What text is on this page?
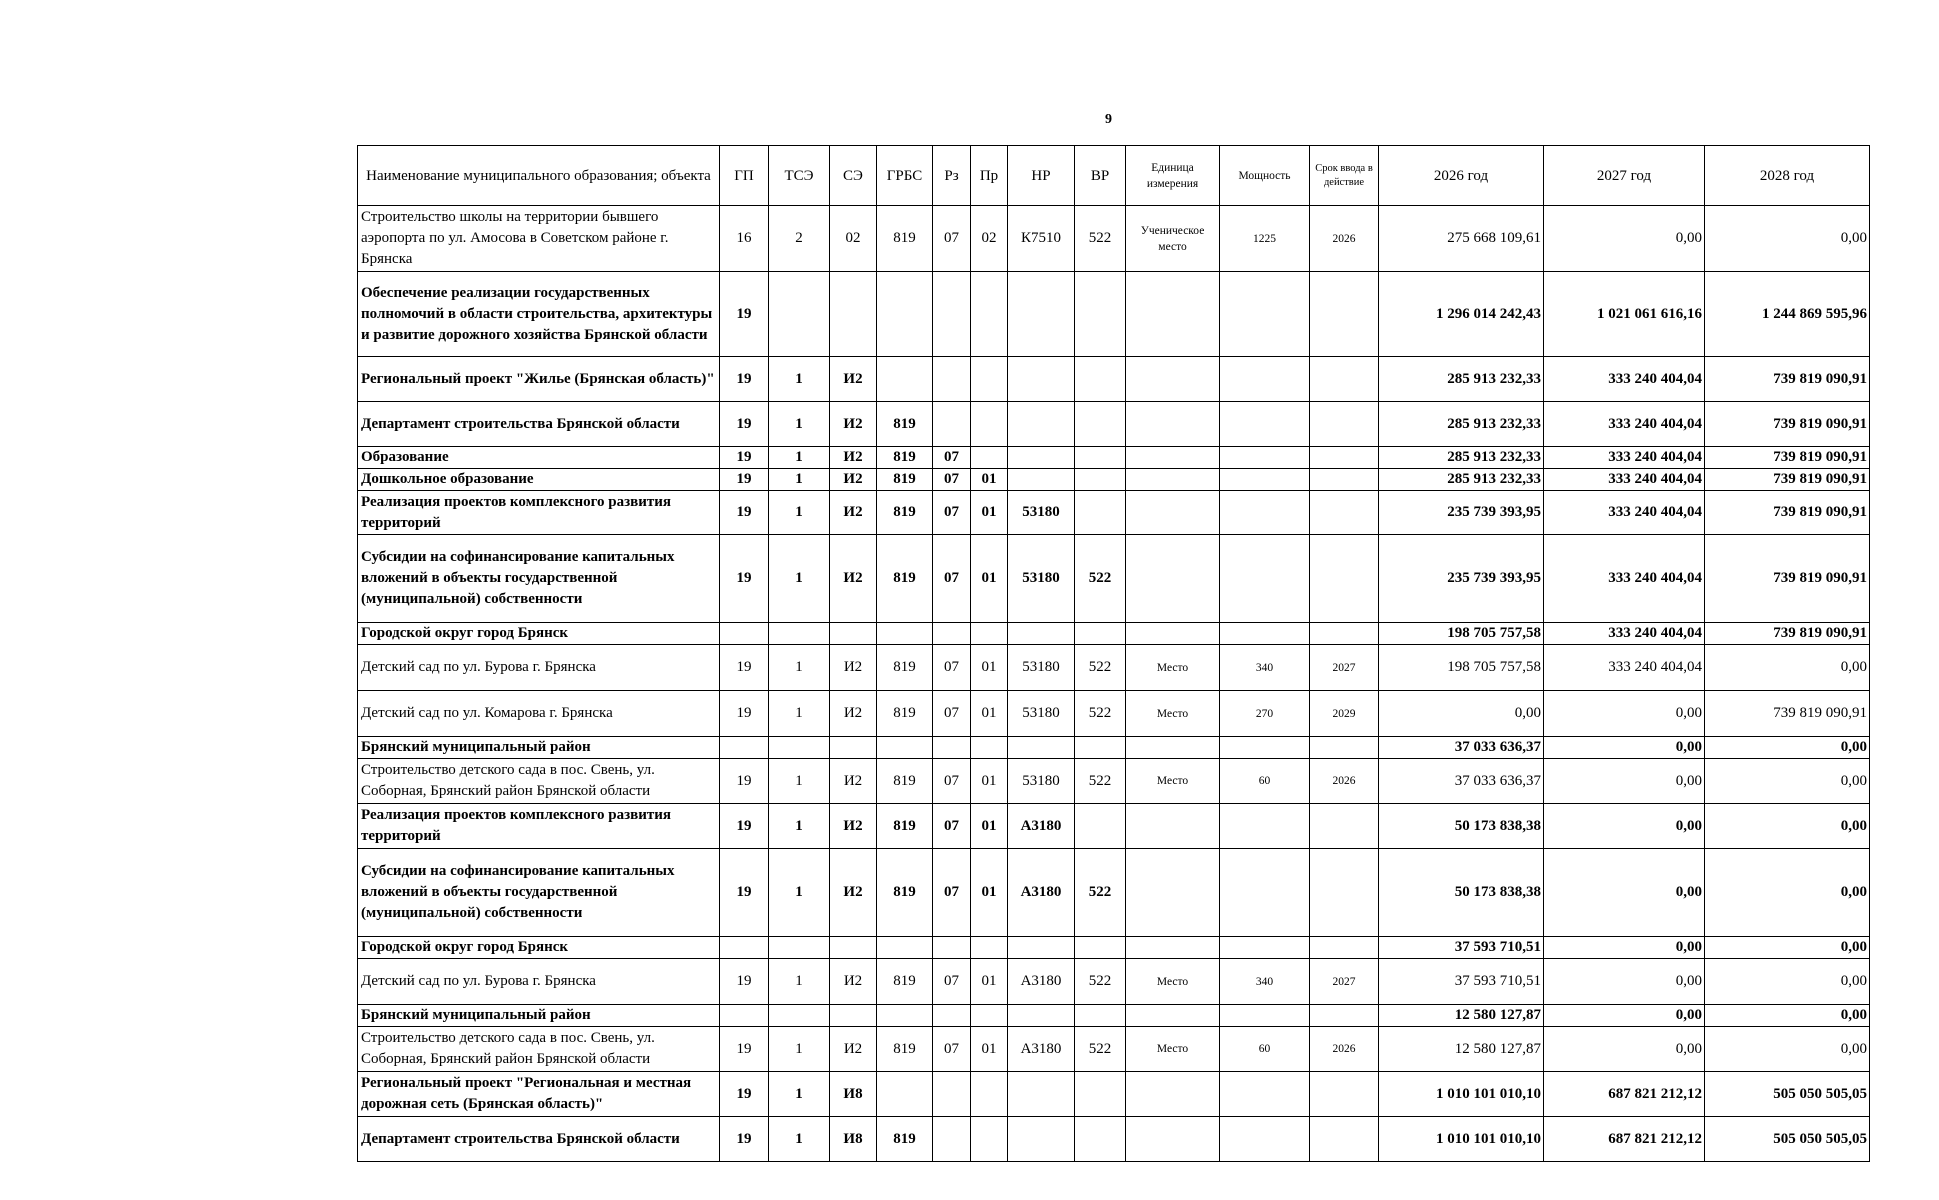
9
Наименование муниципального образования; объекта	ГП	ТСЭ	СЭ	ГРБС	Рз	Пр	НР	ВР	Единица измерения	Мощность	Срок ввода в действие	2026 год	2027 год	2028 год
Строительство школы на территории бывшего аэропорта по ул. Амосова в Советском районе г. Брянска	16	2	02	819	07	02	К7510	522	Ученическое место	1225	2026	275 668 109,61	0,00	0,00
Обеспечение реализации государственных полномочий в области строительства, архитектуры и развитие дорожного хозяйства Брянской области	19											1 296 014 242,43	1 021 061 616,16	1 244 869 595,96
Региональный проект "Жилье (Брянская область)"	19	1	И2									285 913 232,33	333 240 404,04	739 819 090,91
Департамент строительства Брянской области	19	1	И2	819								285 913 232,33	333 240 404,04	739 819 090,91
Образование	19	1	И2	819	07							285 913 232,33	333 240 404,04	739 819 090,91
Дошкольное образование	19	1	И2	819	07	01						285 913 232,33	333 240 404,04	739 819 090,91
Реализация проектов комплексного развития территорий	19	1	И2	819	07	01	53180					235 739 393,95	333 240 404,04	739 819 090,91
Субсидии на софинансирование капитальных вложений в объекты государственной (муниципальной) собственности	19	1	И2	819	07	01	53180	522				235 739 393,95	333 240 404,04	739 819 090,91
Городской округ город Брянск												198 705 757,58	333 240 404,04	739 819 090,91
Детский сад по ул. Бурова г. Брянска	19	1	И2	819	07	01	53180	522	Место	340	2027	198 705 757,58	333 240 404,04	0,00
Детский сад по ул. Комарова г. Брянска	19	1	И2	819	07	01	53180	522	Место	270	2029	0,00	0,00	739 819 090,91
Брянский муниципальный район												37 033 636,37	0,00	0,00
Строительство детского сада в пос. Свень, ул. Соборная, Брянский район Брянской области	19	1	И2	819	07	01	53180	522	Место	60	2026	37 033 636,37	0,00	0,00
Реализация проектов комплексного развития территорий	19	1	И2	819	07	01	А3180					50 173 838,38	0,00	0,00
Субсидии на софинансирование капитальных вложений в объекты государственной (муниципальной) собственности	19	1	И2	819	07	01	А3180	522				50 173 838,38	0,00	0,00
Городской округ город Брянск												37 593 710,51	0,00	0,00
Детский сад по ул. Бурова г. Брянска	19	1	И2	819	07	01	А3180	522	Место	340	2027	37 593 710,51	0,00	0,00
Брянский муниципальный район												12 580 127,87	0,00	0,00
Строительство детского сада в пос. Свень, ул. Соборная, Брянский район Брянской области	19	1	И2	819	07	01	А3180	522	Место	60	2026	12 580 127,87	0,00	0,00
Региональный проект "Региональная и местная дорожная сеть (Брянская область)"	19	1	И8									1 010 101 010,10	687 821 212,12	505 050 505,05
Департамент строительства Брянской области	19	1	И8	819								1 010 101 010,10	687 821 212,12	505 050 505,05
